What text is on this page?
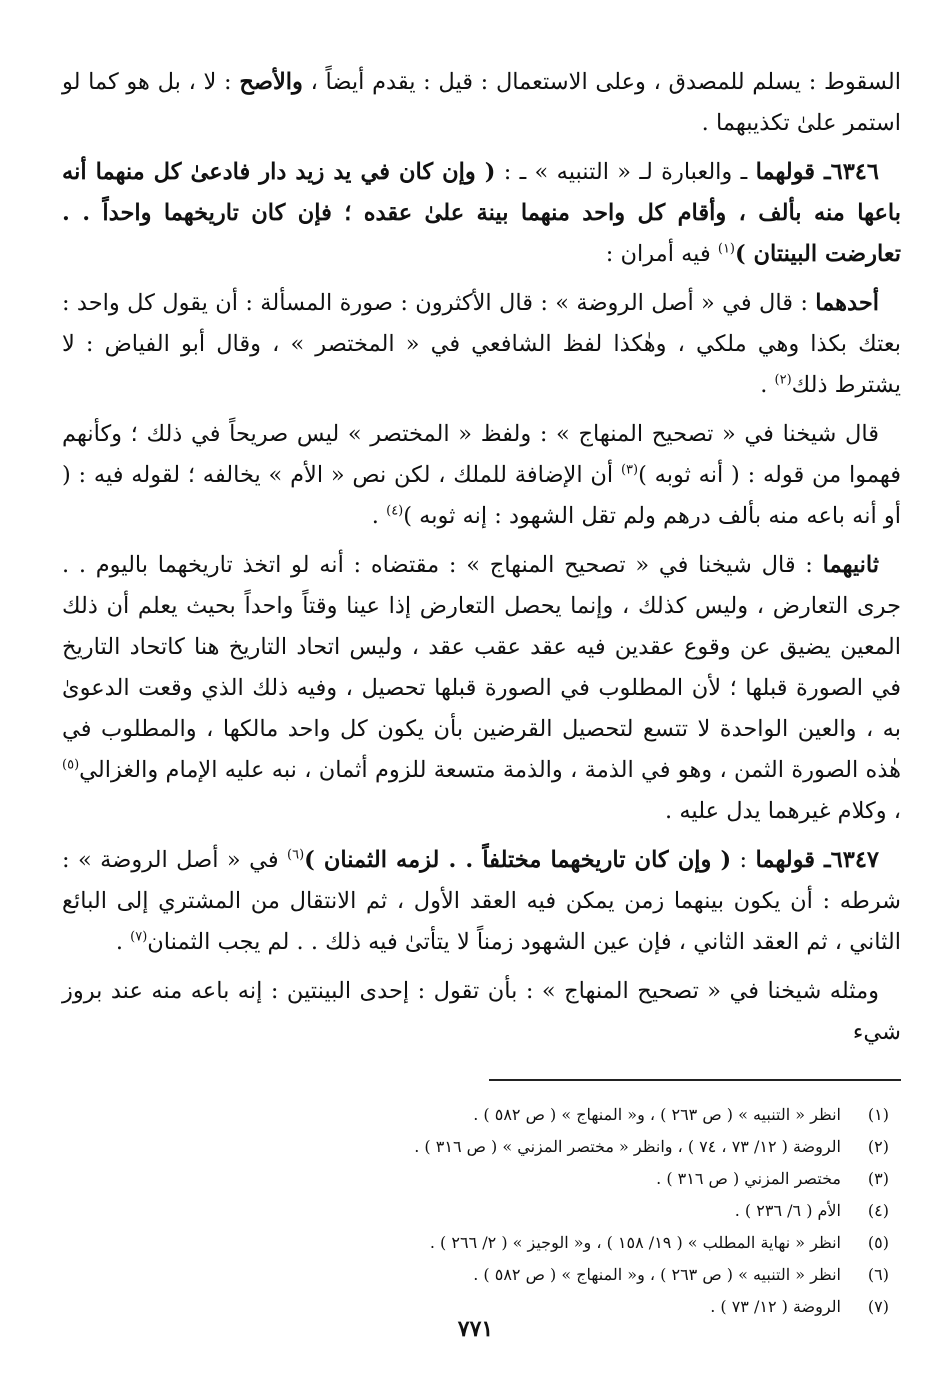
السقوط : يسلم للمصدق ، وعلى الاستعمال : قيل : يقدم أيضاً ، والأصح : لا ، بل هو كما لو استمر علىٰ تكذيبهما .

٦٣٤٦ـ قولهما ـ والعبارة لـ « التنبيه » ـ : ( وإن كان في يد زيد دار فادعىٰ كل منهما أنه باعها منه بألف ، وأقام كل واحد منهما بينة علىٰ عقده ؛ فإن كان تاريخهما واحداً . . تعارضت البينتان )$^{(١)}$ فيه أمران :

أحدهما : قال في « أصل الروضة » : قال الأكثرون : صورة المسألة : أن يقول كل واحد : بعتك بكذا وهي ملكي ، وهٰكذا لفظ الشافعي في « المختصر » ، وقال أبو الفياض : لا يشترط ذلك$^{(٢)}$ .

قال شيخنا في « تصحيح المنهاج » : ولفظ « المختصر » ليس صريحاً في ذلك ؛ وكأنهم فهموا من قوله : ( أنه ثوبه )$^{(٣)}$ أن الإضافة للملك ، لكن نص « الأم » يخالفه ؛ لقوله فيه : ( أو أنه باعه منه بألف درهم ولم تقل الشهود : إنه ثوبه )$^{(٤)}$ .

ثانيهما : قال شيخنا في « تصحيح المنهاج » : مقتضاه : أنه لو اتخذ تاريخهما باليوم . . جرى التعارض ، وليس كذلك ، وإنما يحصل التعارض إذا عينا وقتاً واحداً بحيث يعلم أن ذلك المعين يضيق عن وقوع عقدين فيه عقد عقب عقد ، وليس اتحاد التاريخ هنا كاتحاد التاريخ في الصورة قبلها ؛ لأن المطلوب في الصورة قبلها تحصيل ، وفيه ذلك الذي وقعت الدعوىٰ به ، والعين الواحدة لا تتسع لتحصيل القرضين بأن يكون كل واحد مالكها ، والمطلوب في هٰذه الصورة الثمن ، وهو في الذمة ، والذمة متسعة للزوم أثمان ، نبه عليه الإمام والغزالي$^{(٥)}$ ، وكلام غيرهما يدل عليه .

٦٣٤٧ـ قولهما : ( وإن كان تاريخهما مختلفاً . . لزمه الثمنان )$^{(٦)}$ في « أصل الروضة » : شرطه : أن يكون بينهما زمن يمكن فيه العقد الأول ، ثم الانتقال من المشتري إلى البائع الثاني ، ثم العقد الثاني ، فإن عين الشهود زمناً لا يتأتىٰ فيه ذلك . . لم يجب الثمنان$^{(٧)}$ .

ومثله شيخنا في « تصحيح المنهاج » : بأن تقول : إحدى البينتين : إنه باعه منه عند بروز شيء

(١)
انظر « التنبيه » ( ص ٢٦٣ ) ، و« المنهاج » ( ص ٥٨٢ ) .
(٢)
الروضة ( ١٢/ ٧٣ ، ٧٤ ) ، وانظر « مختصر المزني » ( ص ٣١٦ ) .
(٣)
مختصر المزني ( ص ٣١٦ ) .
(٤)
الأم ( ٦/ ٢٣٦ ) .
(٥)
انظر « نهاية المطلب » ( ١٩/ ١٥٨ ) ، و« الوجيز » ( ٢/ ٢٦٦ ) .
(٦)
انظر « التنبيه » ( ص ٢٦٣ ) ، و« المنهاج » ( ص ٥٨٢ ) .
(٧)
الروضة ( ١٢/ ٧٣ ) .
٧٧١
